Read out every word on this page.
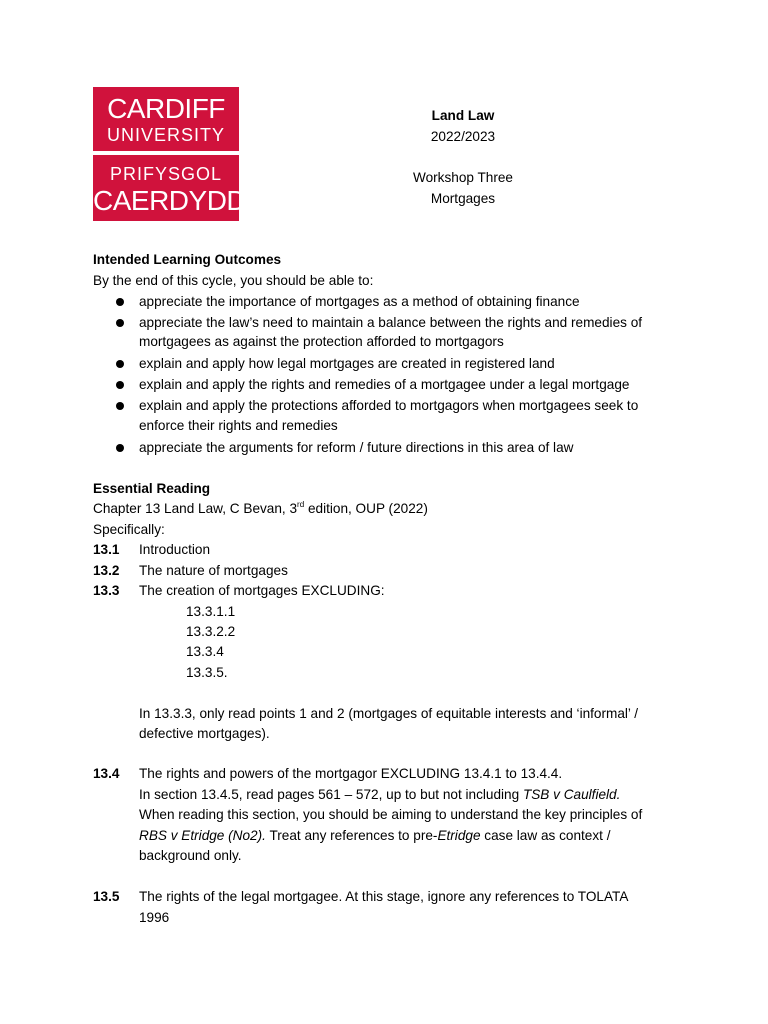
CARDIFF
UNIVERSITY
PRIFYSGOL
CAERDYDD
Land Law
2022/2023
Workshop Three
Mortgages
Intended Learning Outcomes
By the end of this cycle, you should be able to:
appreciate the importance of mortgages as a method of obtaining finance
appreciate the law’s need to maintain a balance between the rights and remedies of
mortgagees as against the protection afforded to mortgagors
explain and apply how legal mortgages are created in registered land
explain and apply the rights and remedies of a mortgagee under a legal mortgage
explain and apply the protections afforded to mortgagors when mortgagees seek to
enforce their rights and remedies
appreciate the arguments for reform / future directions in this area of law
Essential Reading
Chapter 13 Land Law, C Bevan, 3rd edition, OUP (2022)
Specifically:
13.1 Introduction
13.2 The nature of mortgages
13.3 The creation of mortgages EXCLUDING:
13.3.1.1
13.3.2.2
13.3.4
13.3.5.
In 13.3.3, only read points 1 and 2 (mortgages of equitable interests and ‘informal’ /
defective mortgages).
13.4 The rights and powers of the mortgagor EXCLUDING 13.4.1 to 13.4.4.
In section 13.4.5, read pages 561 – 572, up to but not including TSB v Caulfield.
When reading this section, you should be aiming to understand the key principles of
RBS v Etridge (No2). Treat any references to pre-Etridge case law as context /
background only.
13.5 The rights of the legal mortgagee. At this stage, ignore any references to TOLATA
1996
